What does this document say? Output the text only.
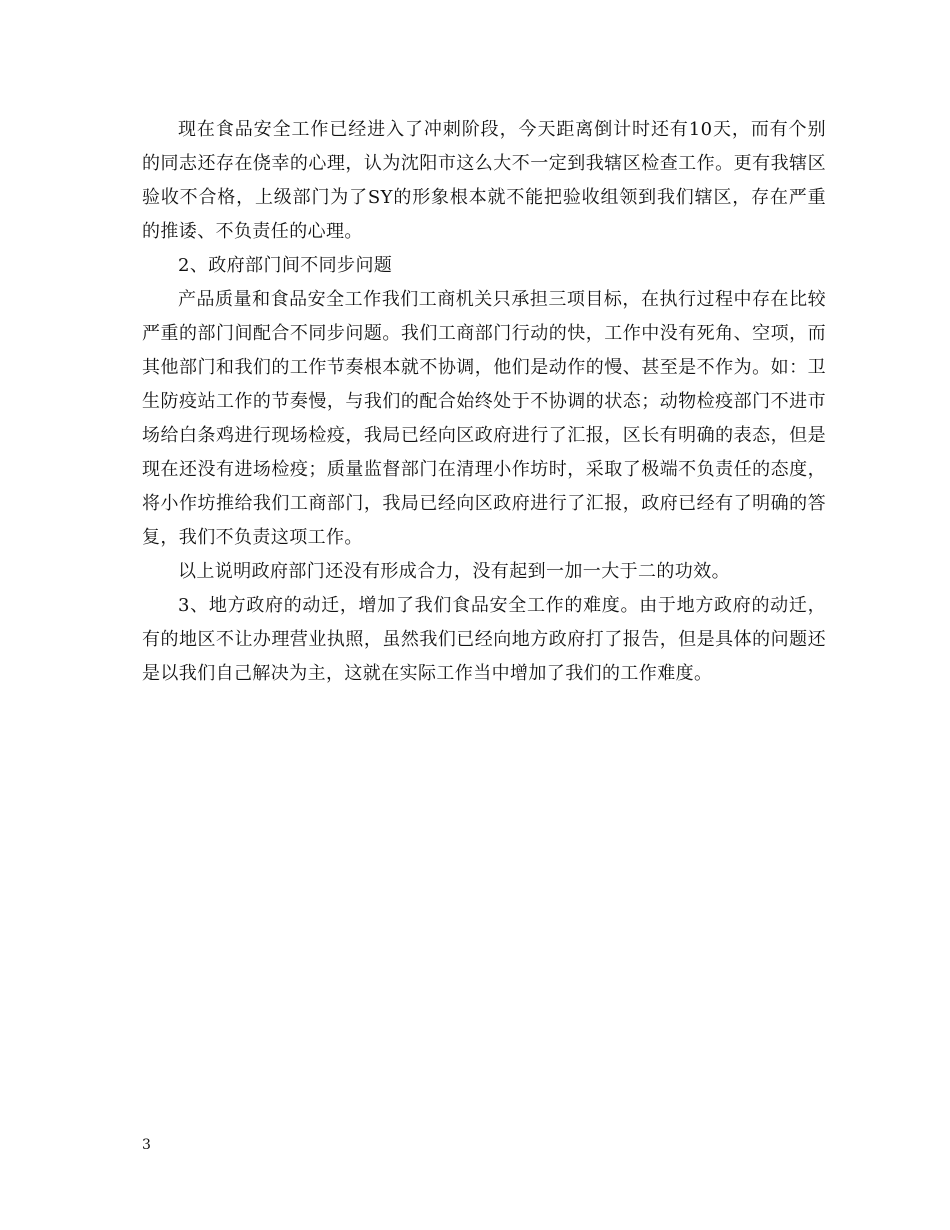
现在食品安全工作已经进入了冲刺阶段，今天距离倒计时还有10天，而有个别的同志还存在侥幸的心理，认为沈阳市这么大不一定到我辖区检查工作。更有我辖区验收不合格，上级部门为了SY的形象根本就不能把验收组领到我们辖区，存在严重的推诿、不负责任的心理。

2、政府部门间不同步问题

产品质量和食品安全工作我们工商机关只承担三项目标，在执行过程中存在比较严重的部门间配合不同步问题。我们工商部门行动的快，工作中没有死角、空项，而其他部门和我们的工作节奏根本就不协调，他们是动作的慢、甚至是不作为。如：卫生防疫站工作的节奏慢，与我们的配合始终处于不协调的状态；动物检疫部门不进市场给白条鸡进行现场检疫，我局已经向区政府进行了汇报，区长有明确的表态，但是现在还没有进场检疫；质量监督部门在清理小作坊时，采取了极端不负责任的态度，将小作坊推给我们工商部门，我局已经向区政府进行了汇报，政府已经有了明确的答复，我们不负责这项工作。

以上说明政府部门还没有形成合力，没有起到一加一大于二的功效。

3、地方政府的动迁，增加了我们食品安全工作的难度。由于地方政府的动迁，有的地区不让办理营业执照，虽然我们已经向地方政府打了报告，但是具体的问题还是以我们自己解决为主，这就在实际工作当中增加了我们的工作难度。

3
